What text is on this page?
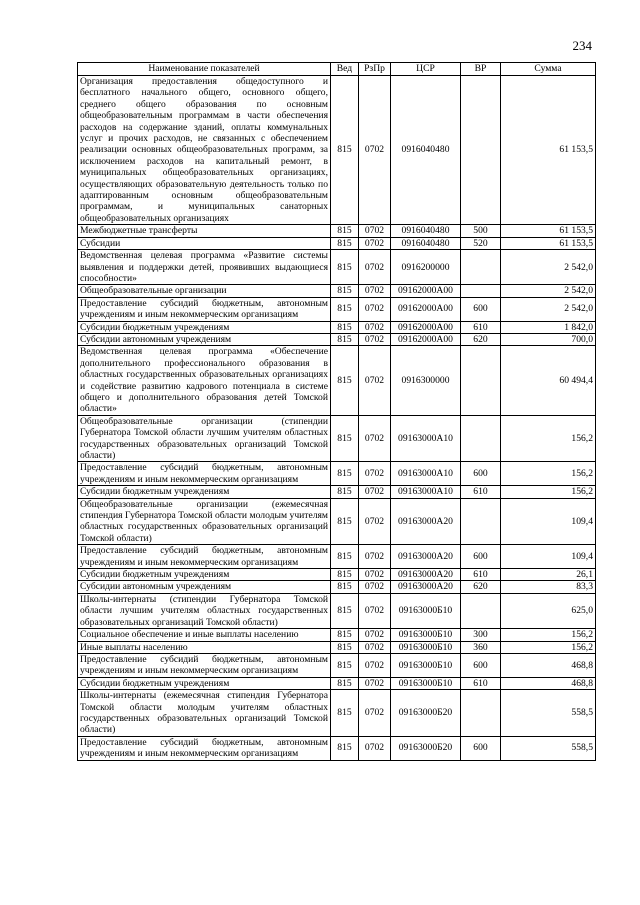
234
Наименование показателей	Вед	РзПр	ЦСР	ВР	Сумма
Организация предоставления общедоступного и бесплатного начального общего, основного общего, среднего общего образования по основным общеобразовательным программам в части обеспечения расходов на содержание зданий, оплаты коммунальных услуг и прочих расходов, не связанных с обеспечением реализации основных общеобразовательных программ, за исключением расходов на капитальный ремонт, в муниципальных общеобразовательных организациях, осуществляющих образовательную деятельность только по адаптированным основным общеобразовательным программам, и муниципальных санаторных общеобразовательных организациях	815	0702	0916040480		61 153,5
Межбюджетные трансферты	815	0702	0916040480	500	61 153,5
Субсидии	815	0702	0916040480	520	61 153,5
Ведомственная целевая программа «Развитие системы выявления и поддержки детей, проявивших выдающиеся способности»	815	0702	0916200000		2 542,0
Общеобразовательные организации	815	0702	09162000А00		2 542,0
Предоставление субсидий бюджетным, автономным учреждениям и иным некоммерческим организациям	815	0702	09162000А00	600	2 542,0
Субсидии бюджетным учреждениям	815	0702	09162000А00	610	1 842,0
Субсидии автономным учреждениям	815	0702	09162000А00	620	700,0
Ведомственная целевая программа «Обеспечение дополнительного профессионального образования в областных государственных образовательных организациях и содействие развитию кадрового потенциала в системе общего и дополнительного образования детей Томской области»	815	0702	0916300000		60 494,4
Общеобразовательные организации (стипендии Губернатора Томской области лучшим учителям областных государственных образовательных организаций Томской области)	815	0702	09163000А10		156,2
Предоставление субсидий бюджетным, автономным учреждениям и иным некоммерческим организациям	815	0702	09163000А10	600	156,2
Субсидии бюджетным учреждениям	815	0702	09163000А10	610	156,2
Общеобразовательные организации (ежемесячная стипендия Губернатора Томской области молодым учителям областных государственных образовательных организаций Томской области)	815	0702	09163000А20		109,4
Предоставление субсидий бюджетным, автономным учреждениям и иным некоммерческим организациям	815	0702	09163000А20	600	109,4
Субсидии бюджетным учреждениям	815	0702	09163000А20	610	26,1
Субсидии автономным учреждениям	815	0702	09163000А20	620	83,3
Школы-интернаты (стипендии Губернатора Томской области лучшим учителям областных государственных образовательных организаций Томской области)	815	0702	09163000Б10		625,0
Социальное обеспечение и иные выплаты населению	815	0702	09163000Б10	300	156,2
Иные выплаты населению	815	0702	09163000Б10	360	156,2
Предоставление субсидий бюджетным, автономным учреждениям и иным некоммерческим организациям	815	0702	09163000Б10	600	468,8
Субсидии бюджетным учреждениям	815	0702	09163000Б10	610	468,8
Школы-интернаты (ежемесячная стипендия Губернатора Томской области молодым учителям областных государственных образовательных организаций Томской области)	815	0702	09163000Б20		558,5
Предоставление субсидий бюджетным, автономным учреждениям и иным некоммерческим организациям	815	0702	09163000Б20	600	558,5
